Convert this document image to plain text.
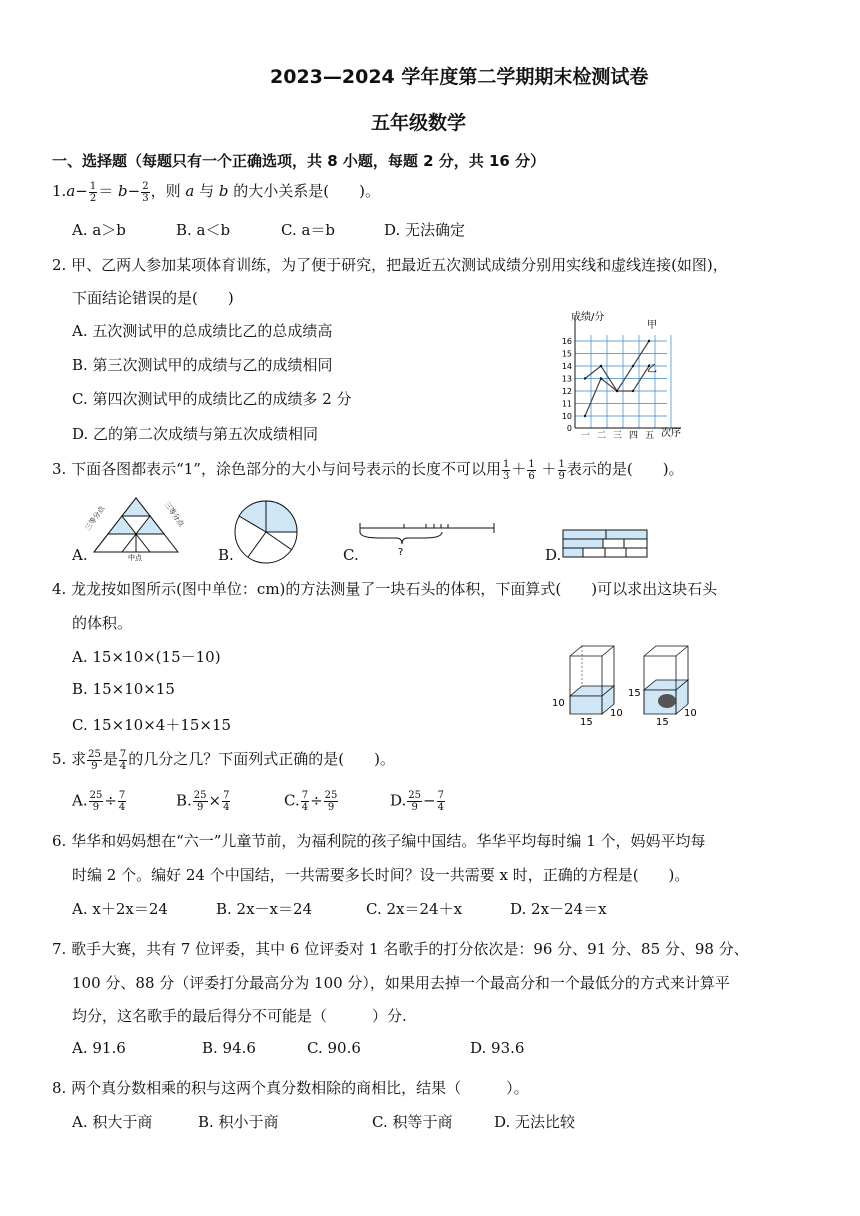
2023—2024 学年度第二学期期末检测试卷
五年级数学
一、选择题（每题只有一个正确选项，共 8 小题，每题 2 分，共 16 分）
$1.a- \frac{1}{2} = b- \frac{2}{3}$ ，则 a 与 b 的大小关系是(　　)。
A. a＞b	B. a＜b	C. a＝b	D. 无法确定
2. 甲、乙两人参加某项体育训练，为了便于研究，把最近五次测试成绩分别用实线和虚线连接(如图)，
下面结论错误的是(　　)
A. 五次测试甲的总成绩比乙的总成绩高
B. 第三次测试甲的成绩与乙的成绩相同
C. 第四次测试甲的成绩比乙的成绩多 2 分
D. 乙的第二次成绩与第五次成绩相同	0
10
11
12
13
14
15
16
一 二 三 四 五
成绩/分
次序
甲
乙
3. 下面各图都表示“1”，涂色部分的大小与问号表示的长度不可以用 $\frac{1}{3} + \frac{1}{6} + \frac{1}{9}$ 表示的是(　　)。
A.
三等分点	三等分点
中点	B.	C.	?	D.
4. 龙龙按如图所示(图中单位：cm)的方法测量了一块石头的体积，下面算式(　　)可以求出这块石头
的体积。
A. 15×10×(15－10)
B. 15×10×15
C. 15×10×4＋15×15
10
15
10
15
15
10
5. 求 $\frac{25}{9}$ 是 $\frac{7}{4}$ 的几分之几？下面列式正确的是(　　)。
A. $\frac{25}{9} \div \frac{7}{4}$	B. $\frac{25}{9} \times \frac{7}{4}$	C. $\frac{7}{4} \div \frac{25}{9}$	D. $\frac{25}{9} - \frac{7}{4}$
6. 华华和妈妈想在“六一”儿童节前，为福利院的孩子编中国结。华华平均每时编 1 个，妈妈平均每
时编 2 个。编好 24 个中国结，一共需要多长时间？设一共需要 x 时，正确的方程是(　　)。
A. x＋2x＝24	B. 2x－x＝24	C. 2x＝24＋x	D. 2x－24＝x
7. 歌手大赛，共有 7 位评委，其中 6 位评委对 1 名歌手的打分依次是：96 分、91 分、85 分、98 分、
100 分、88 分（评委打分最高分为 100 分），如果用去掉一个最高分和一个最低分的方式来计算平
均分，这名歌手的最后得分不可能是（　　　）分.
A. 91.6	B. 94.6	C. 90.6	D. 93.6
8. 两个真分数相乘的积与这两个真分数相除的商相比，结果（　　　）。
A. 积大于商	B. 积小于商	C. 积等于商	D. 无法比较
